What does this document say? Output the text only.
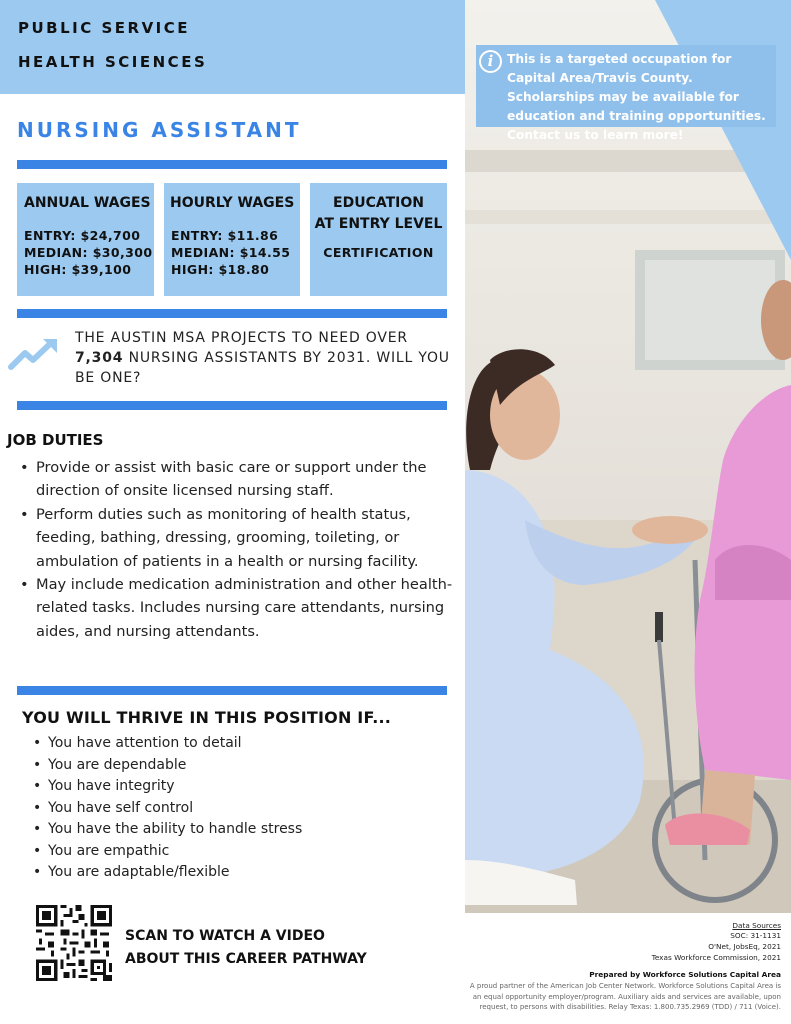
PUBLIC SERVICE
HEALTH SCIENCES
NURSING ASSISTANT
ANNUAL WAGES
ENTRY: $24,700
MEDIAN: $30,300
HIGH: $39,100
HOURLY WAGES
ENTRY: $11.86
MEDIAN: $14.55
HIGH: $18.80
EDUCATION
AT ENTRY LEVEL
CERTIFICATION
THE AUSTIN MSA PROJECTS TO NEED OVER
7,304 NURSING ASSISTANTS BY 2031. WILL YOU BE ONE?
JOB DUTIES
• Provide or assist with basic care or support under the direction of onsite licensed nursing staff.
• Perform duties such as monitoring of health status, feeding, bathing, dressing, grooming, toileting, or ambulation of patients in a health or nursing facility.
• May include medication administration and other health-related tasks. Includes nursing care attendants, nursing aides, and nursing attendants.
YOU WILL THRIVE IN THIS POSITION IF...
• You have attention to detail
• You are dependable
• You have integrity
• You have self control
• You have the ability to handle stress
• You are empathic
• You are adaptable/flexible
SCAN TO WATCH A VIDEO
ABOUT THIS CAREER PATHWAY
i	This is a targeted occupation for Capital Area/Travis County. Scholarships may be available for education and training opportunities. Contact us to learn more!
Data Sources
SOC: 31-1131
O'Net, JobsEq, 2021
Texas Workforce Commission, 2021
Prepared by Workforce Solutions Capital Area
A proud partner of the American Job Center Network. Workforce Solutions Capital Area is
an equal opportunity employer/program. Auxiliary aids and services are available, upon
request, to persons with disabilities. Relay Texas: 1.800.735.2969 (TDD) / 711 (Voice).
